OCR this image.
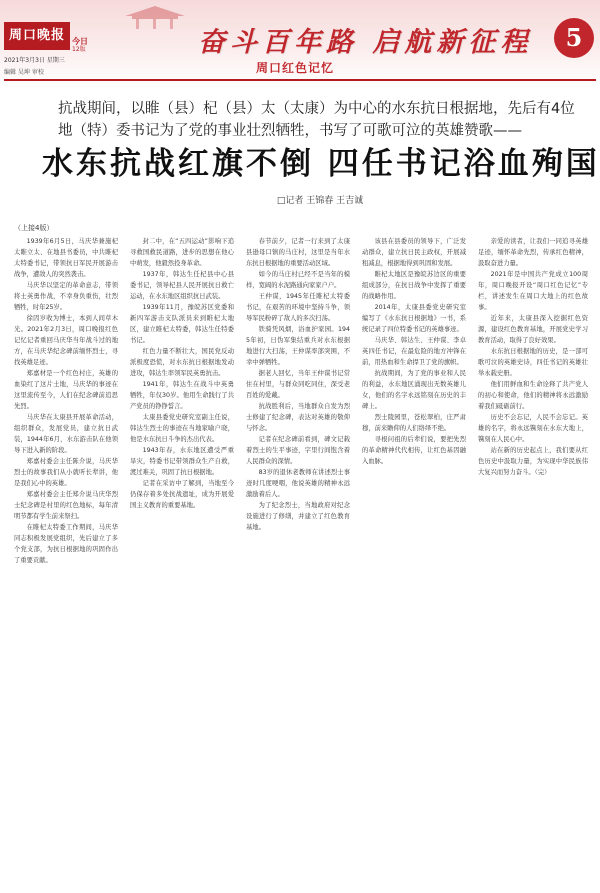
周口晚报 今日
12版
2021年3月3日 星期三
编辑 吴坤 审校
奋斗百年路 启航新征程
周口红色记忆
5
抗战期间，以睢（县）杞（县）太（太康）为中心的水东抗日根据地，先后有4位地（特）委书记为了党的事业壮烈牺牲，书写了可歌可泣的英雄赞歌——
水东抗战红旗不倒 四任书记浴血殉国
□记者 王锦春 王吉诚
（上接4版）

1939年6月5日，马庆华兼施杞太睢立太、在地县书委员，中共睢杞太特委书记，带领抗日军民开展游击战争，遭敌人的突然袭击。

马庆华以坚定的革命意志，带领将士英勇作战，不幸身负重伤，壮烈牺牲，时年25岁。

徐因岁收为博士，本到人间草木光。2021年2月3日，周口晚报红色记忆记者重回马庆华当年战斗过的地方，在马庆华纪念碑前缅怀烈士，寻找英雄足迹。

郑嘉材是一个红色村庄，英雄的血染红了这片土地，马庆华的事迹在这里流传至今，人们在纪念碑前追思先烈。

马庆华在太康县开展革命活动，组织群众，发展党员，建立抗日武装，1944年6月，水东游击队在他领导下进入新的阶段。

郑嘉村委会主任陈介说，马庆华烈士的故事我们从小就听长辈讲，他是我们心中的英雄。

郑嘉村委会主任郑介说马庆华烈士纪念碑是村里的红色地标，每年清明节都有学生前来祭扫。

在睢杞太特委工作期间，马庆华同志积极发展党组织，先后建立了多个党支部，为抗日根据地的巩固作出了重要贡献。

封二中，在“五四运动”影响下追寻救国救民道路，进步的思想在他心中萌发，他毅然投身革命。

1937年，韩达生任杞县中心县委书记，领导杞县人民开展抗日救亡运动，在水东地区组织抗日武装。

1939年11月，豫皖苏区党委和新四军游击支队派员来到睢杞太地区，建立睢杞太特委，韩达生任特委书记。

红色力量不断壮大，国民党反动派极度恐慌，对水东抗日根据地发动进攻，韩达生率领军民英勇抗击。

1941年，韩达生在战斗中英勇牺牲，年仅30岁。他用生命践行了共产党员的铮铮誓言。

太康县委党史研究室副主任说，韩达生烈士的事迹在当地家喻户晓，他是水东抗日斗争的杰出代表。

1943年春，水东地区遭受严重旱灾，特委书记带领群众生产自救，渡过难关，巩固了抗日根据地。

记者在采访中了解到，当地至今仍保存着多处抗战遗址，成为开展爱国主义教育的重要基地。

春节前夕，记者一行来到了太康县逊母口镇的马庄村，这里是当年水东抗日根据地的重要活动区域。

如今的马庄村已经不是当年的模样，宽阔的水泥路通向家家户户。

王仲谋，1945年任睢杞太特委书记，在艰苦的环境中坚持斗争，领导军民粉碎了敌人的多次扫荡。

铁骑凭风烟，浴血护家园。1945年初，日伪军集结重兵对水东根据地进行大扫荡，王仲谋率部突围，不幸中弹牺牲。

据老人回忆，当年王仲谋书记常住在村里，与群众同吃同住，深受老百姓的爱戴。

抗战胜利后，当地群众自发为烈士修建了纪念碑，表达对英雄的敬仰与怀念。

记者在纪念碑前看到，碑文记载着烈士的生平事迹，字里行间饱含着人民群众的深情。

83岁的退休老教师在讲述烈士事迹时几度哽咽，他说英雄的精神永远激励着后人。

为了纪念烈士，当地政府对纪念设施进行了修缮，并建立了红色教育基地。

该县在县委员的领导下，广泛发动群众，建立抗日民主政权，开展减租减息，根据地得到巩固和发展。

睢杞太地区是豫皖苏边区的重要组成部分，在抗日战争中发挥了重要的战略作用。

2014年，太康县委党史研究室编写了《水东抗日根据地》一书，系统记录了四位特委书记的英雄事迹。

马庆华、韩达生、王仲谋、李卓英四任书记，在最危险的地方冲锋在前，用热血和生命捍卫了党的旗帜。

抗战期间，为了党的事业和人民的利益，水东地区涌现出无数英雄儿女，他们的名字永远铭刻在历史的丰碑上。

烈士陵园里，苍松翠柏，庄严肃穆，前来瞻仰的人们络绎不绝。

寻根问祖的后辈们说，要把先烈的革命精神代代相传，让红色基因融入血脉。

亲爱的读者，让我们一同追寻英雄足迹，缅怀革命先烈，传承红色精神，汲取奋进力量。

2021年是中国共产党成立100周年，周口晚报开设“周口红色记忆”专栏，讲述发生在周口大地上的红色故事。

近年来，太康县深入挖掘红色资源，建设红色教育基地，开展党史学习教育活动，取得了良好效果。

水东抗日根据地的历史，是一部可歌可泣的英雄史诗，四任书记的英雄壮举永载史册。

他们用鲜血和生命诠释了共产党人的初心和使命，他们的精神将永远激励着我们砥砺前行。

历史不会忘记，人民不会忘记。英雄的名字，将永远镌刻在水东大地上，镌刻在人民心中。

站在新的历史起点上，我们要从红色历史中汲取力量，为实现中华民族伟大复兴而努力奋斗。（完）
